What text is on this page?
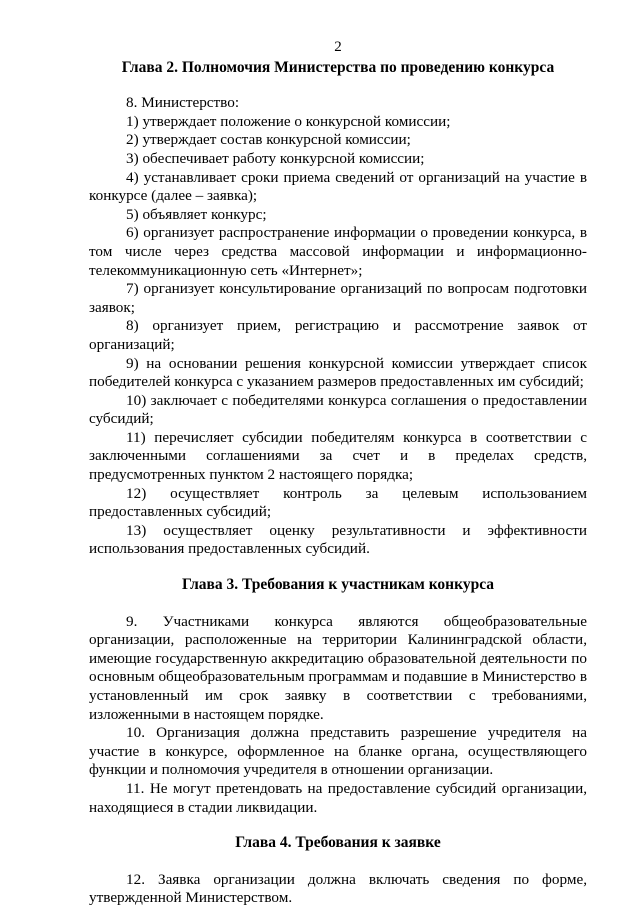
2
Глава 2. Полномочия Министерства по проведению конкурса

8. Министерство:

1) утверждает положение о конкурсной комиссии;

2) утверждает состав конкурсной комиссии;

3) обеспечивает работу конкурсной комиссии;

4) устанавливает сроки приема сведений от организаций на участие в конкурсе (далее – заявка);

5) объявляет конкурс;

6) организует распространение информации о проведении конкурса, в том числе через средства массовой информации и информационно-телекоммуникационную сеть «Интернет»;

7) организует консультирование организаций по вопросам подготовки заявок;

8) организует прием, регистрацию и рассмотрение заявок от организаций;

9) на основании решения конкурсной комиссии утверждает список победителей конкурса с указанием размеров предоставленных им субсидий;

10) заключает с победителями конкурса соглашения о предоставлении субсидий;

11) перечисляет субсидии победителям конкурса в соответствии с заключенными соглашениями за счет и в пределах средств, предусмотренных пунктом 2 настоящего порядка;

12) осуществляет контроль за целевым использованием предоставленных субсидий;

13) осуществляет оценку результативности и эффективности использования предоставленных субсидий.

Глава 3. Требования к участникам конкурса

9. Участниками конкурса являются общеобразовательные организации, расположенные на территории Калининградской области, имеющие государственную аккредитацию образовательной деятельности по основным общеобразовательным программам и подавшие в Министерство в установленный им срок заявку в соответствии с требованиями, изложенными в настоящем порядке.

10. Организация должна представить разрешение учредителя на участие в конкурсе, оформленное на бланке органа, осуществляющего функции и полномочия учредителя в отношении организации.

11. Не могут претендовать на предоставление субсидий организации, находящиеся в стадии ликвидации.

Глава 4. Требования к заявке

12. Заявка организации должна включать сведения по форме, утвержденной Министерством.
